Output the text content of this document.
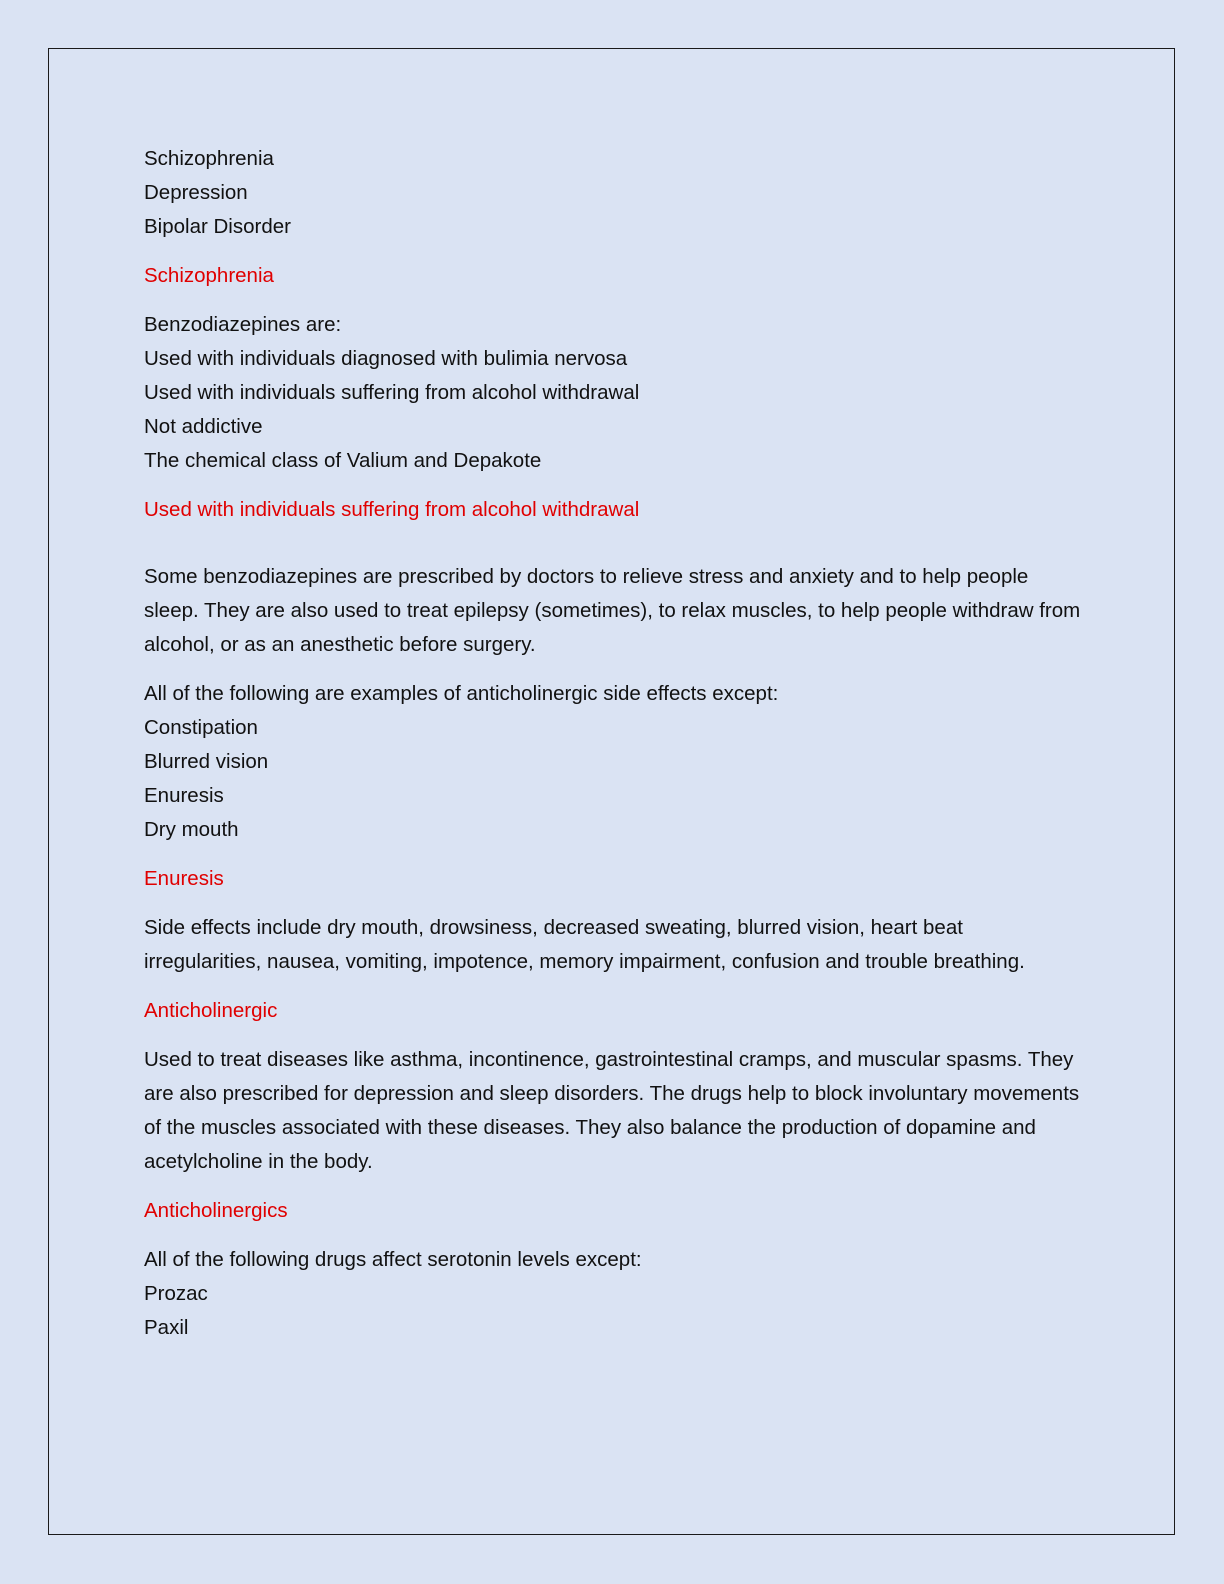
Schizophrenia
Depression
Bipolar Disorder
Schizophrenia
Benzodiazepines are:
Used with individuals diagnosed with bulimia nervosa
Used with individuals suffering from alcohol withdrawal
Not addictive
The chemical class of Valium and Depakote
Used with individuals suffering from alcohol withdrawal
Some benzodiazepines are prescribed by doctors to relieve stress and anxiety and to help people sleep. They are also used to treat epilepsy (sometimes), to relax muscles, to help people withdraw from alcohol, or as an anesthetic before surgery.
All of the following are examples of anticholinergic side effects except:
Constipation
Blurred vision
Enuresis
Dry mouth
Enuresis
Side effects include dry mouth, drowsiness, decreased sweating, blurred vision, heart beat irregularities, nausea, vomiting, impotence, memory impairment, confusion and trouble breathing.
Anticholinergic
Used to treat diseases like asthma, incontinence, gastrointestinal cramps, and muscular spasms. They are also prescribed for depression and sleep disorders. The drugs help to block involuntary movements of the muscles associated with these diseases. They also balance the production of dopamine and acetylcholine in the body.
Anticholinergics
All of the following drugs affect serotonin levels except:
Prozac
Paxil
